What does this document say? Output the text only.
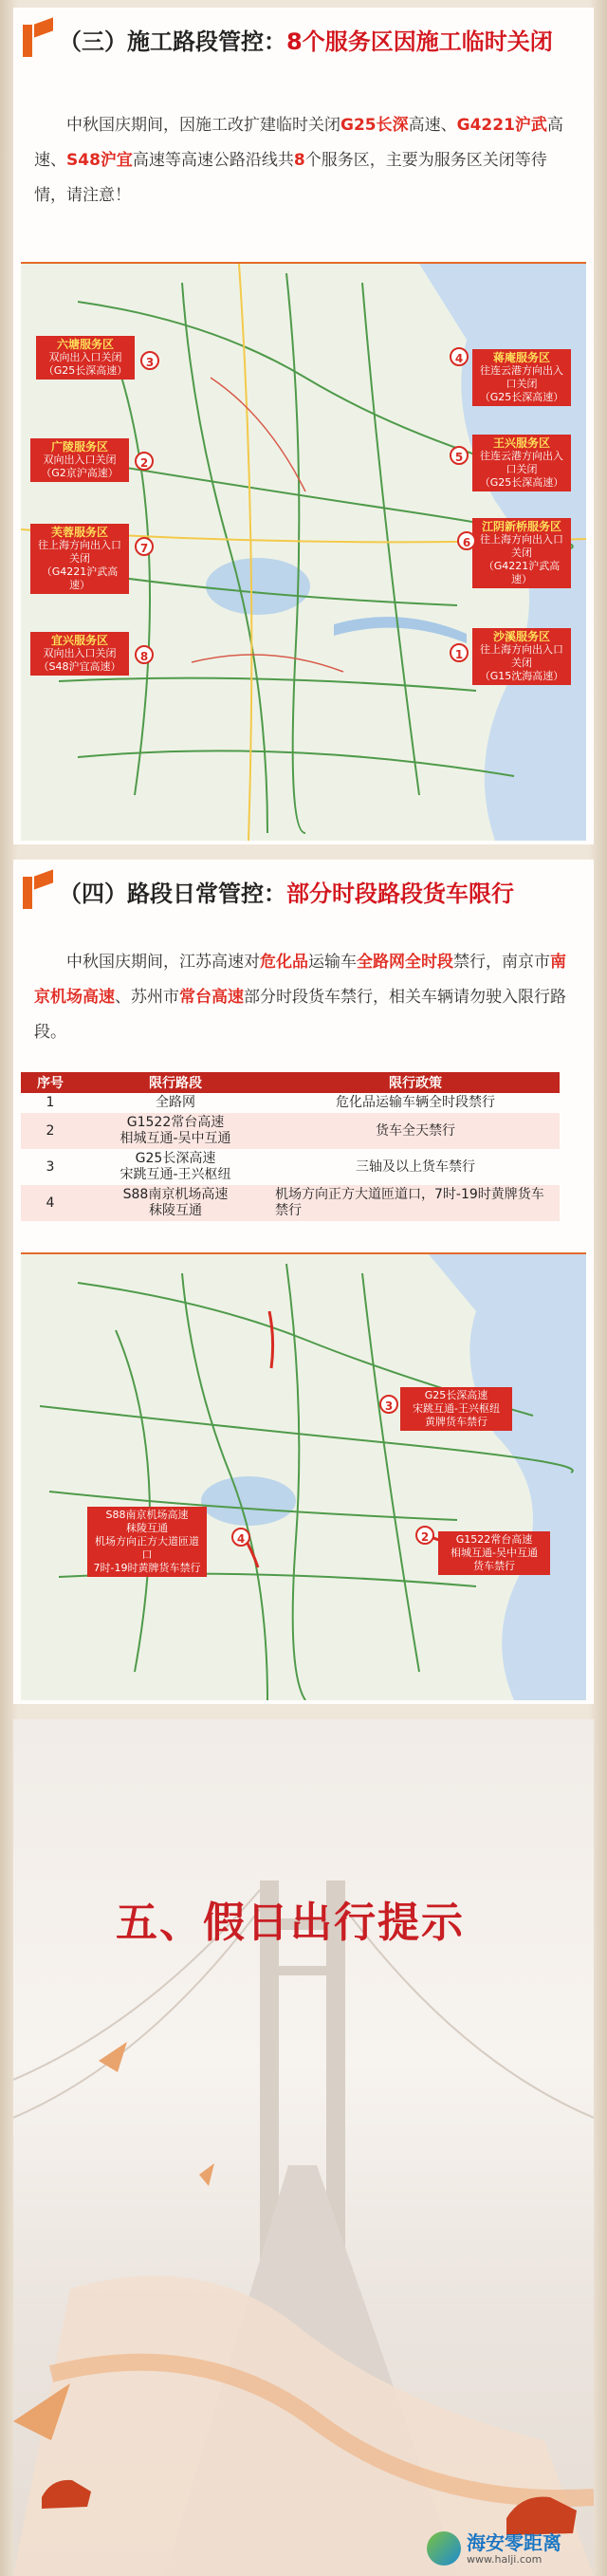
（三）施工路段管控：8个服务区因施工临时关闭
中秋国庆期间，因施工改扩建临时关闭G25长深高速、G4221沪武高速、S48沪宜高速等高速公路沿线共8个服务区，主要为服务区关闭等待情，请注意！
六塘服务区
双向出入口关闭
（G25长深高速）
3
广陵服务区
双向出入口关闭
（G2京沪高速）
2
芙蓉服务区
往上海方向出入口关闭
（G4221沪武高速）
7
宜兴服务区
双向出入口关闭
（S48沪宜高速）
8
蒋庵服务区
往连云港方向出入口关闭
（G25长深高速）
4
王兴服务区
往连云港方向出入口关闭
（G25长深高速）
5
江阴新桥服务区
往上海方向出入口关闭
（G4221沪武高速）
6
沙溪服务区
往上海方向出入口关闭
（G15沈海高速）
1
（四）路段日常管控：部分时段路段货车限行
中秋国庆期间，江苏高速对危化品运输车全路网全时段禁行，南京市南京机场高速、苏州市常台高速部分时段货车禁行，相关车辆请勿驶入限行路段。
序号	限行路段	限行政策
1	全路网	危化品运输车辆全时段禁行
2	G1522常台高速
相城互通-吴中互通	货车全天禁行
3	G25长深高速
宋跳互通-王兴枢纽	三轴及以上货车禁行
4	S88南京机场高速
秣陵互通	机场方向正方大道匝道口，7时-19时黄牌货车禁行
G25长深高速
宋跳互通-王兴枢纽
黄牌货车禁行
3
S88南京机场高速
秣陵互通
机场方向正方大道匝道口
7时-19时黄牌货车禁行
4	G1522常台高速
相城互通-吴中互通
货车禁行
2
五、假日出行提示
海安零距离
www.halji.com
